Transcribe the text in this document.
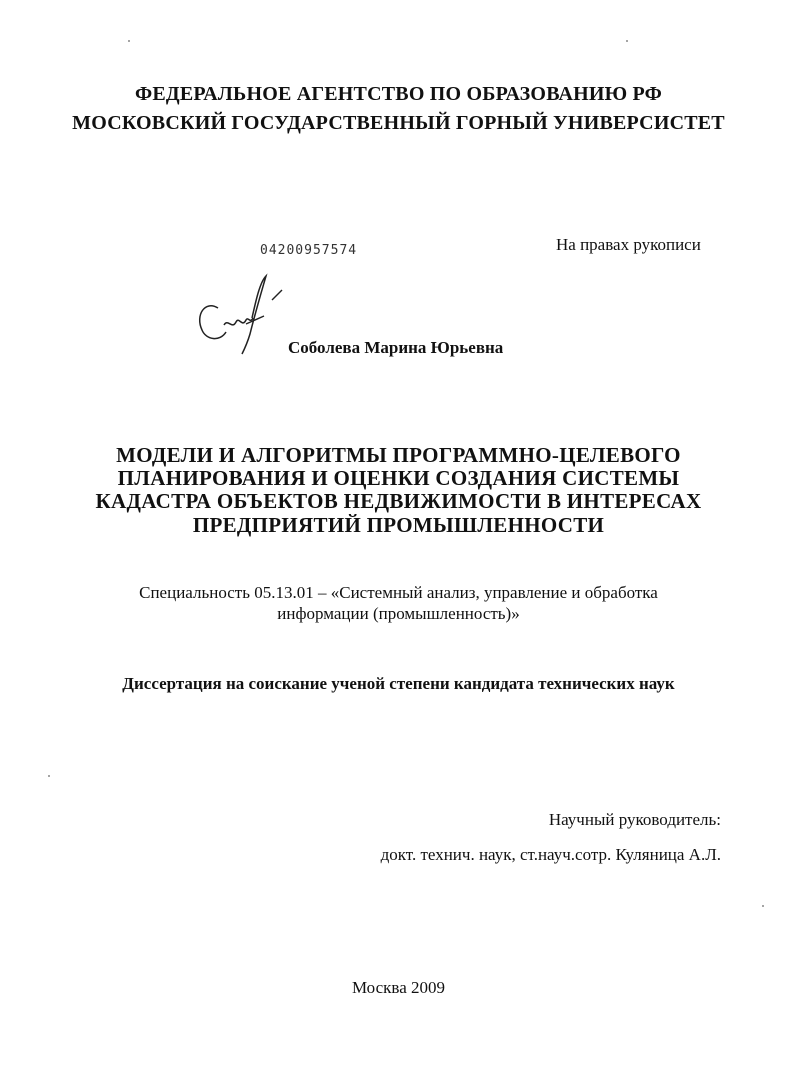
ФЕДЕРАЛЬНОЕ АГЕНТСТВО ПО ОБРАЗОВАНИЮ РФ
МОСКОВСКИЙ ГОСУДАРСТВЕННЫЙ ГОРНЫЙ УНИВЕРСИСТЕТ
04200957574	На правах рукописи
Соболева Марина Юрьевна
МОДЕЛИ И АЛГОРИТМЫ ПРОГРАММНО-ЦЕЛЕВОГО
ПЛАНИРОВАНИЯ И ОЦЕНКИ СОЗДАНИЯ СИСТЕМЫ
КАДАСТРА ОБЪЕКТОВ НЕДВИЖИМОСТИ В ИНТЕРЕСАХ
ПРЕДПРИЯТИЙ ПРОМЫШЛЕННОСТИ
Специальность 05.13.01 – «Системный анализ, управление и обработка
информации (промышленность)»
Диссертация на соискание ученой степени кандидата технических наук
Научный руководитель:
докт. технич. наук, ст.науч.сотр. Куляница А.Л.
Москва 2009
